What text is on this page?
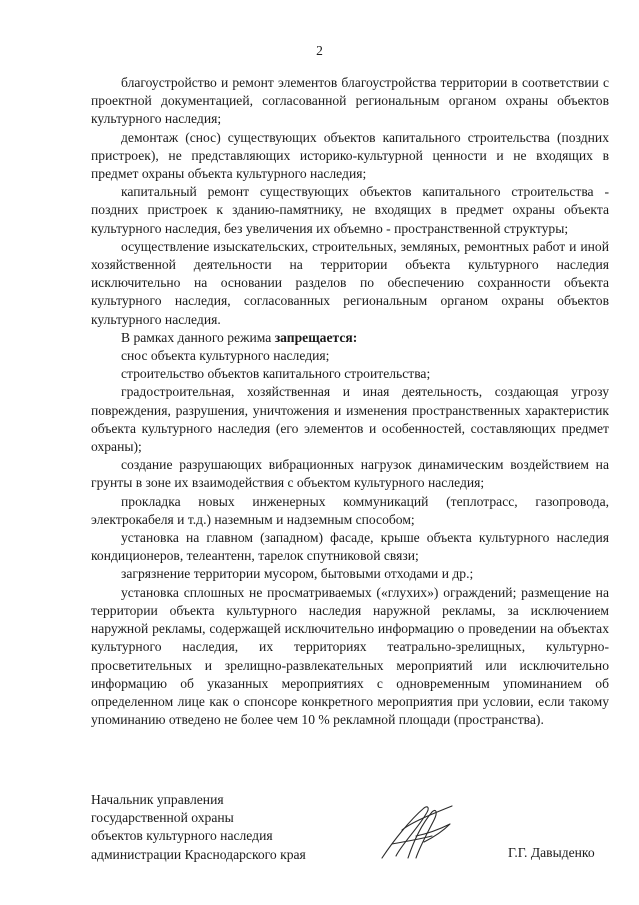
2

благоустройство и ремонт элементов благоустройства территории в соответствии с проектной документацией, согласованной региональным органом охраны объектов культурного наследия;

демонтаж (снос) существующих объектов капитального строительства (поздних пристроек), не представляющих историко-культурной ценности и не входящих в предмет охраны объекта культурного наследия;

капитальный ремонт существующих объектов капитального строительства - поздних пристроек к зданию-памятнику, не входящих в предмет охраны объекта культурного наследия, без увеличения их объемно - пространственной структуры;

осуществление изыскательских, строительных, земляных, ремонтных работ и иной хозяйственной деятельности на территории объекта культурного наследия исключительно на основании разделов по обеспечению сохранности объекта культурного наследия, согласованных региональным органом охраны объектов культурного наследия.

В рамках данного режима запрещается:

снос объекта культурного наследия;

строительство объектов капитального строительства;

градостроительная, хозяйственная и иная деятельность, создающая угрозу повреждения, разрушения, уничтожения и изменения пространственных характеристик объекта культурного наследия (его элементов и особенностей, составляющих предмет охраны);

создание разрушающих вибрационных нагрузок динамическим воздействием на грунты в зоне их взаимодействия с объектом культурного наследия;

прокладка новых инженерных коммуникаций (теплотрасс, газопровода, электрокабеля и т.д.) наземным и надземным способом;

установка на главном (западном) фасаде, крыше объекта культурного наследия кондиционеров, телеантенн, тарелок спутниковой связи;

загрязнение территории мусором, бытовыми отходами и др.;

установка сплошных не просматриваемых («глухих») ограждений; размещение на территории объекта культурного наследия наружной рекламы, за исключением наружной рекламы, содержащей исключительно информацию о проведении на объектах культурного наследия, их территориях театрально-зрелищных, культурно-просветительных и зрелищно-развлекательных мероприятий или исключительно информацию об указанных мероприятиях с одновременным упоминанием об определенном лице как о спонсоре конкретного мероприятия при условии, если такому упоминанию отведено не более чем 10 % рекламной площади (пространства).

Начальник управления
государственной охраны
объектов культурного наследия
администрации Краснодарского края	Г.Г. Давыденко
